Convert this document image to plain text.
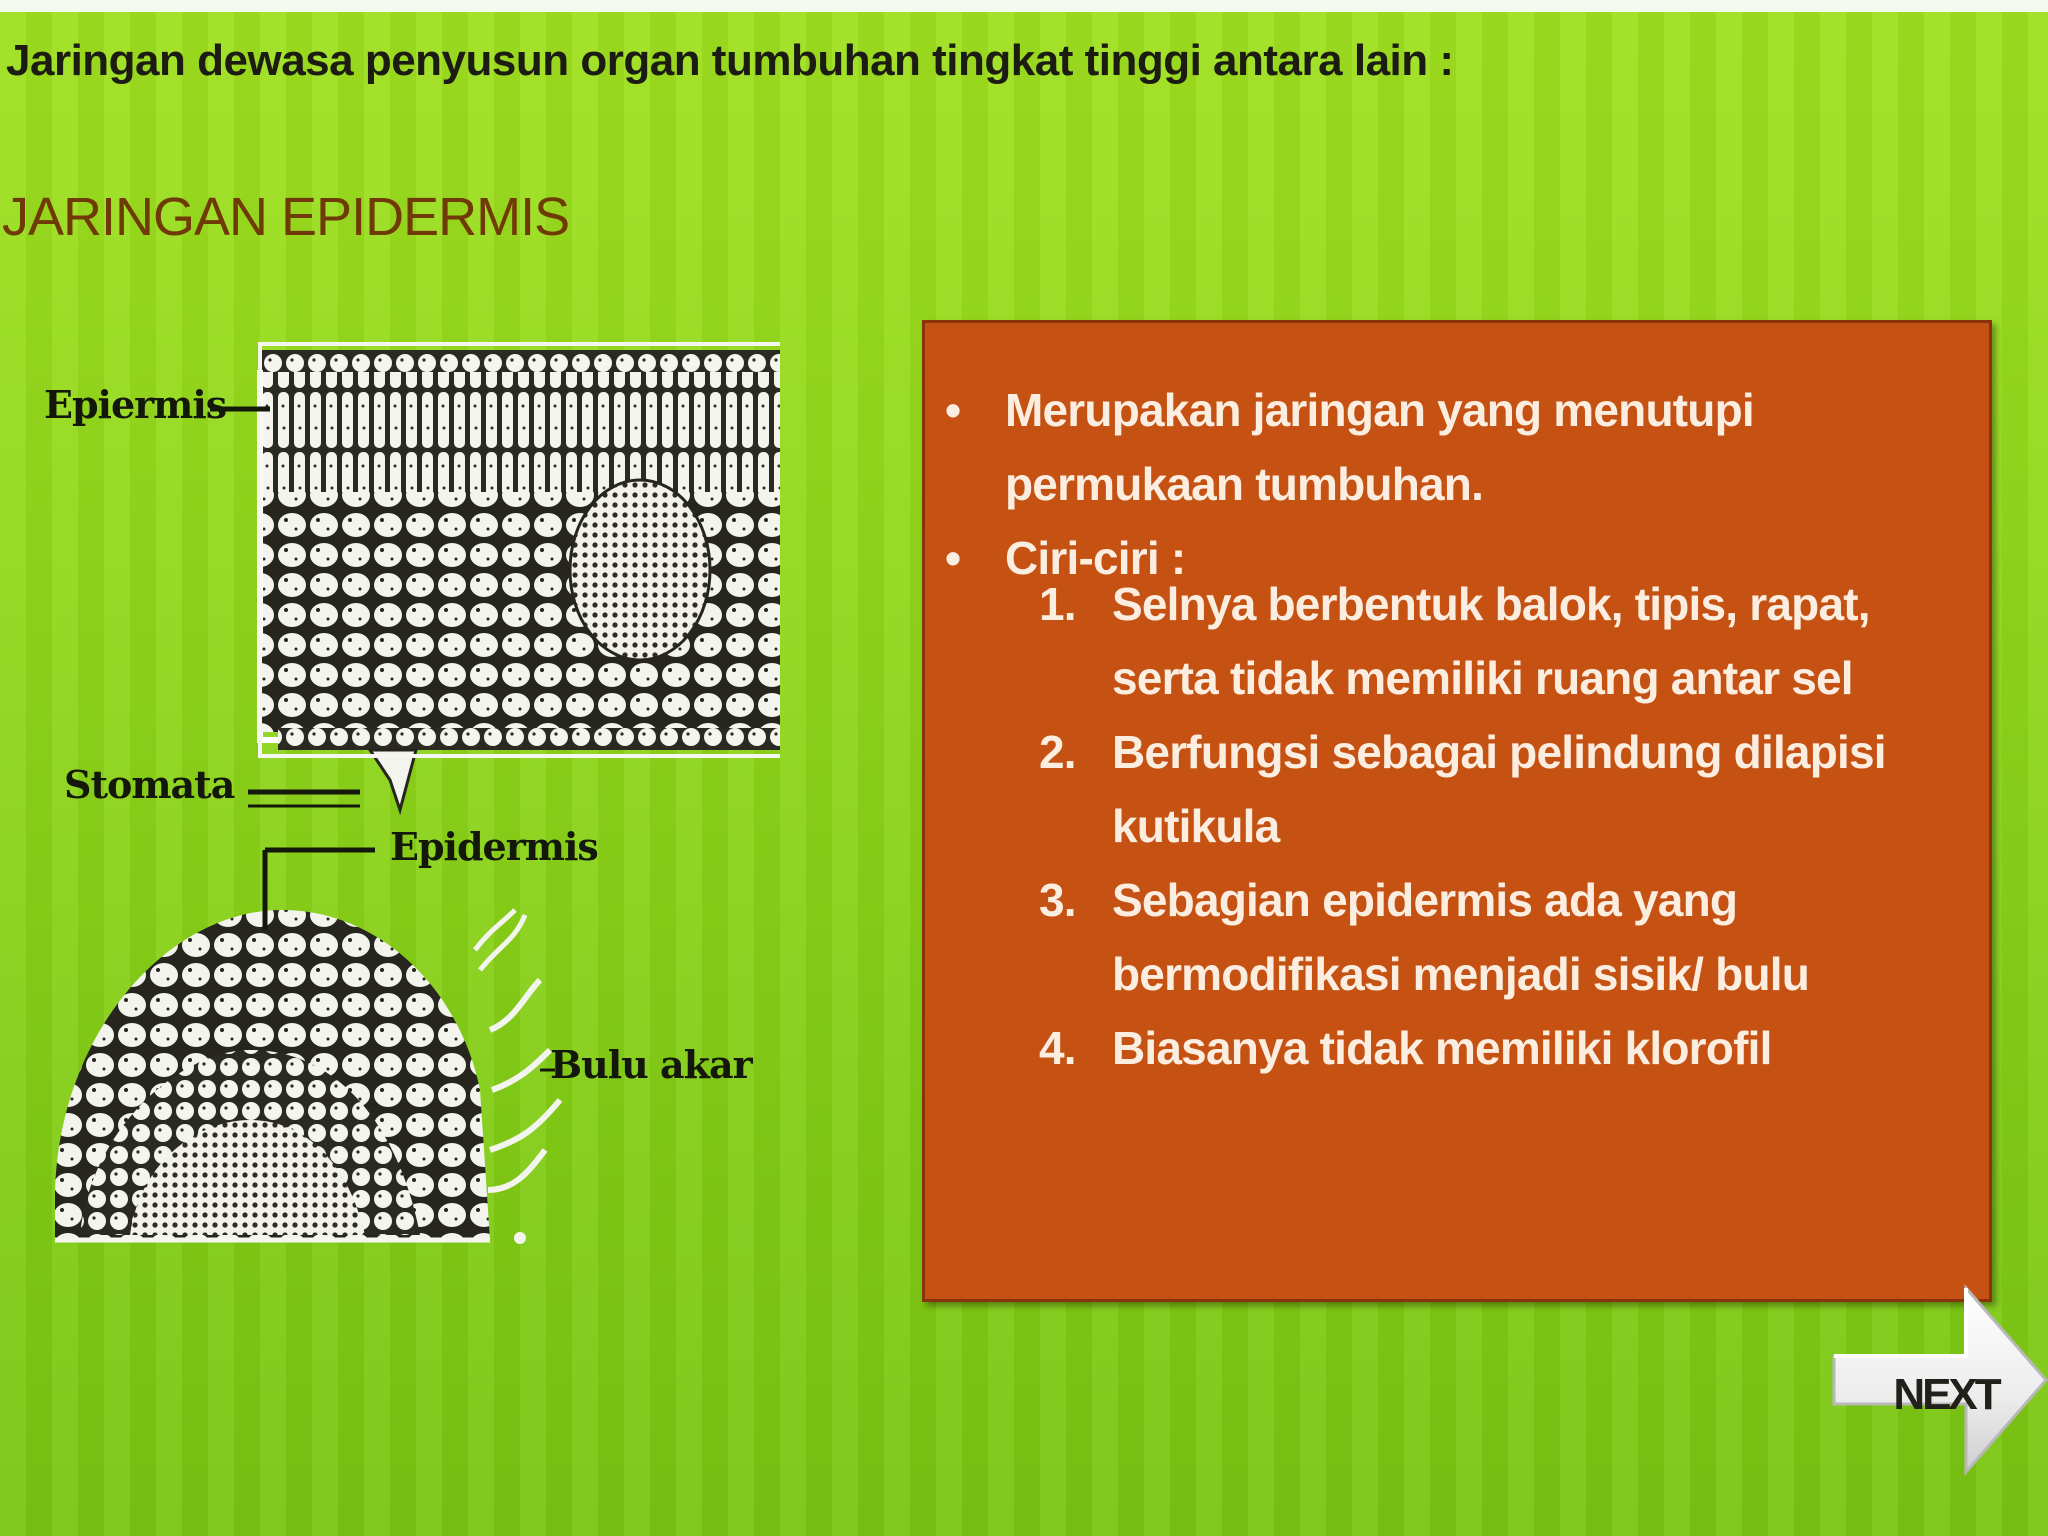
Jaringan dewasa penyusun organ tumbuhan tingkat tinggi antara lain :
JARINGAN EPIDERMIS
Epiermis
Stomata
Epidermis
Bulu akar
• Merupakan jaringan yang menutupi permukaan tumbuhan.
• Ciri-ciri :
1. Selnya berbentuk balok, tipis, rapat, serta tidak memiliki ruang antar sel
2. Berfungsi sebagai pelindung dilapisi kutikula
3. Sebagian epidermis ada yang bermodifikasi menjadi sisik/ bulu
4. Biasanya tidak memiliki klorofil
NEXT
